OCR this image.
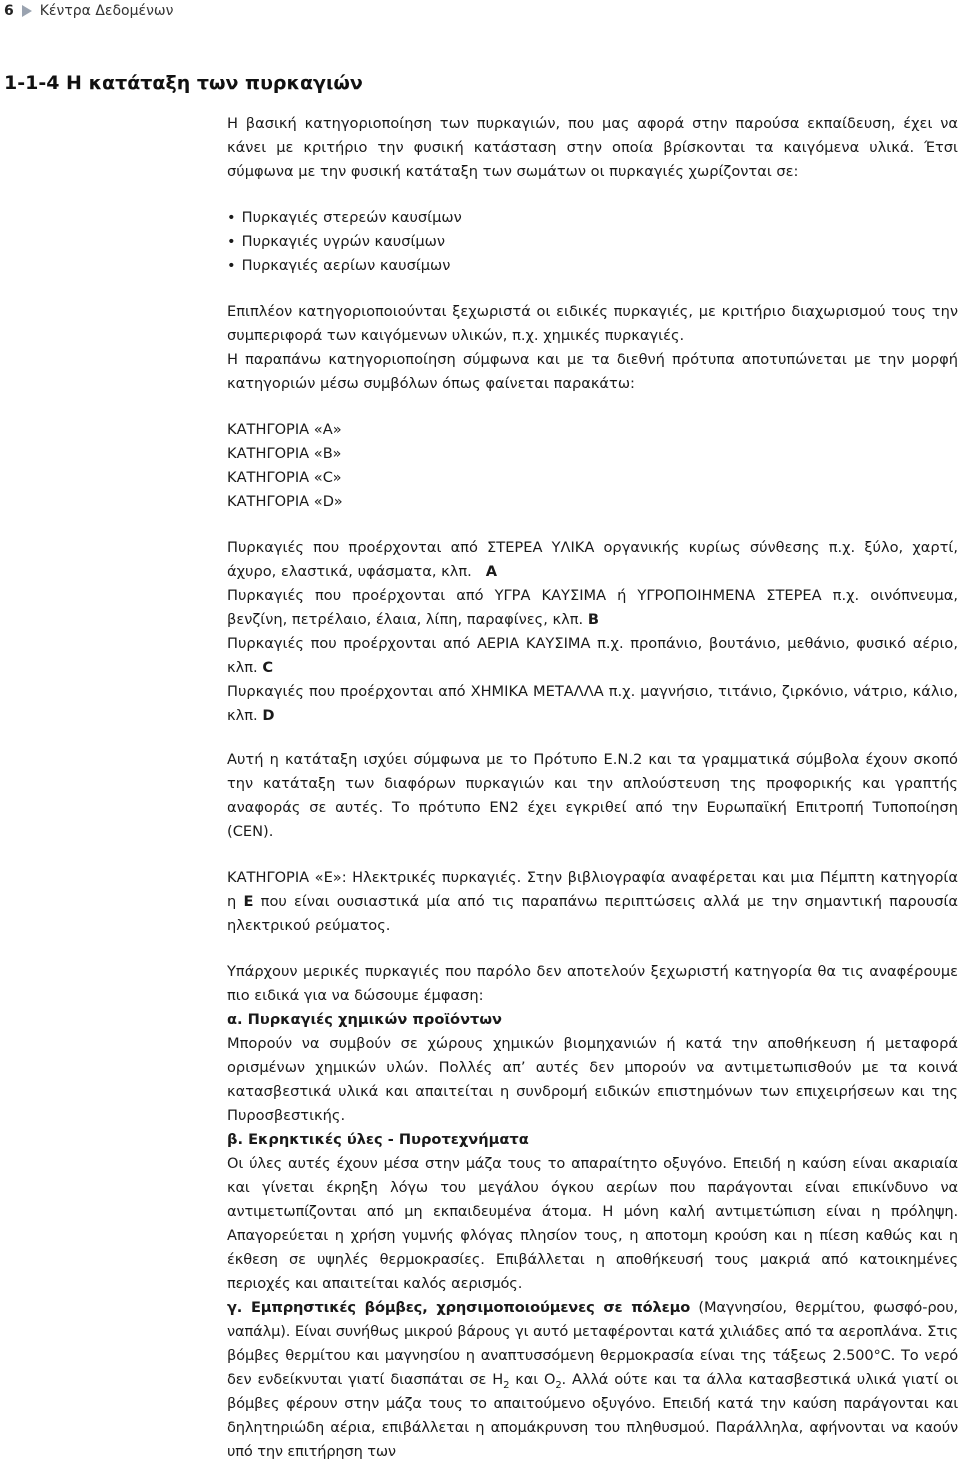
6 Κέντρα Δεδομένων
1-1-4 Η κατάταξη των πυρκαγιών

Η βασική κατηγοριοποίηση των πυρκαγιών, που μας αφορά στην παρούσα εκπαίδευση, έχει να κάνει με κριτήριο την φυσική κατάσταση στην οποία βρίσκονται τα καιγόμενα υλικά. Έτσι σύμφωνα με την φυσική κατάταξη των σωμάτων οι πυρκαγιές χωρίζονται σε:

• Πυρκαγιές στερεών καυσίμων
• Πυρκαγιές υγρών καυσίμων
• Πυρκαγιές αερίων καυσίμων

Επιπλέον κατηγοριοποιούνται ξεχωριστά οι ειδικές πυρκαγιές, με κριτήριο διαχωρισμού τους την συμπεριφορά των καιγόμενων υλικών, π.χ. χημικές πυρκαγιές.

Η παραπάνω κατηγοριοποίηση σύμφωνα και με τα διεθνή πρότυπα αποτυπώνεται με την μορφή κατηγοριών μέσω συμβόλων όπως φαίνεται παρακάτω:

ΚΑΤΗΓΟΡΙΑ «A»
ΚΑΤΗΓΟΡΙΑ «B»
ΚΑΤΗΓΟΡΙΑ «C»
ΚΑΤΗΓΟΡΙΑ «D»

Πυρκαγιές που προέρχονται από ΣΤΕΡΕΑ ΥΛΙΚΑ οργανικής κυρίως σύνθεσης π.χ. ξύλο, χαρτί, άχυρο, ελαστικά, υφάσματα, κλπ. A

Πυρκαγιές που προέρχονται από ΥΓΡΑ ΚΑΥΣΙΜΑ ή ΥΓΡΟΠΟΙΗΜΕΝΑ ΣΤΕΡΕΑ π.χ. οινόπνευμα, βενζίνη, πετρέλαιο, έλαια, λίπη, παραφίνες, κλπ. B

Πυρκαγιές που προέρχονται από ΑΕΡΙΑ ΚΑΥΣΙΜΑ π.χ. προπάνιο, βουτάνιο, μεθάνιο, φυσικό αέριο, κλπ. C

Πυρκαγιές που προέρχονται από ΧΗΜΙΚΑ ΜΕΤΑΛΛΑ π.χ. μαγνήσιο, τιτάνιο, ζιρκόνιο, νάτριο, κάλιο, κλπ. D

Αυτή η κατάταξη ισχύει σύμφωνα με το Πρότυπο Ε.Ν.2 και τα γραμματικά σύμβολα έχουν σκοπό την κατάταξη των διαφόρων πυρκαγιών και την απλούστευση της προφορικής και γραπτής αναφοράς σε αυτές. Το πρότυπο ΕΝ2 έχει εγκριθεί από την Ευρωπαϊκή Επιτροπή Τυποποίηση (CEN).

ΚΑΤΗΓΟΡΙΑ «E»: Ηλεκτρικές πυρκαγιές. Στην βιβλιογραφία αναφέρεται και μια Πέμπτη κατηγορία η E που είναι ουσιαστικά μία από τις παραπάνω περιπτώσεις αλλά με την σημαντική παρουσία ηλεκτρικού ρεύματος.

Υπάρχουν μερικές πυρκαγιές που παρόλο δεν αποτελούν ξεχωριστή κατηγορία θα τις αναφέρουμε πιο ειδικά για να δώσουμε έμφαση:

α. Πυρκαγιές χημικών προϊόντων

Μπορούν να συμβούν σε χώρους χημικών βιομηχανιών ή κατά την αποθήκευση ή μεταφορά ορισμένων χημικών υλών. Πολλές απ’ αυτές δεν μπορούν να αντιμετωπισθούν με τα κοινά κατασβεστικά υλικά και απαιτείται η συνδρομή ειδικών επιστημόνων των επιχειρήσεων και της Πυροσβεστικής.

β. Εκρηκτικές ύλες - Πυροτεχνήματα

Οι ύλες αυτές έχουν μέσα στην μάζα τους το απαραίτητο οξυγόνο. Επειδή η καύση είναι ακαριαία και γίνεται έκρηξη λόγω του μεγάλου όγκου αερίων που παράγονται είναι επικίνδυνο να αντιμετωπίζονται από μη εκπαιδευμένα άτομα. Η μόνη καλή αντιμετώπιση είναι η πρόληψη. Απαγορεύεται η χρήση γυμνής φλόγας πλησίον τους, η αποτομη κρούση και η πίεση καθώς και η έκθεση σε υψηλές θερμοκρασίες. Επιβάλλεται η αποθήκευσή τους μακριά από κατοικημένες περιοχές και απαιτείται καλός αερισμός.

γ. Εμπρηστικές βόμβες, χρησιμοποιούμενες σε πόλεμο (Μαγνησίου, θερμίτου, φωσφό-ρου, ναπάλμ). Είναι συνήθως μικρού βάρους γι αυτό μεταφέρονται κατά χιλιάδες από τα αεροπλάνα. Στις βόμβες θερμίτου και μαγνησίου η αναπτυσσόμενη θερμοκρασία είναι της τάξεως 2.500°C. Το νερό δεν ενδείκνυται γιατί διασπάται σε $H_2$ και $O_2$. Αλλά ούτε και τα άλλα κατασβεστικά υλικά γιατί οι βόμβες φέρουν στην μάζα τους το απαιτούμενο οξυγόνο. Επειδή κατά την καύση παράγονται και δηλητηριώδη αέρια, επιβάλλεται η απομάκρυνση του πληθυσμού. Παράλληλα, αφήνονται να καούν υπό την επιτήρηση των
